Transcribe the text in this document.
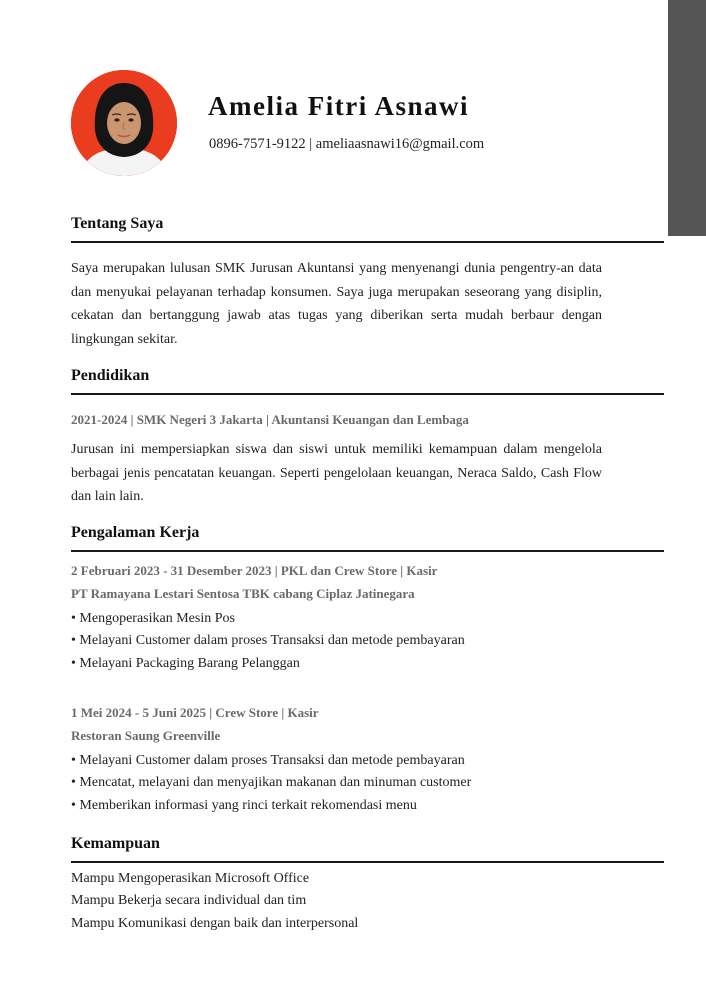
Amelia Fitri Asnawi
0896-7571-9122 | ameliaasnawi16@gmail.com
Tentang Saya

Saya merupakan lulusan SMK Jurusan Akuntansi yang menyenangi dunia pengentry-an data dan menyukai pelayanan terhadap konsumen. Saya juga merupakan seseorang yang disiplin, cekatan dan bertanggung jawab atas tugas yang diberikan serta mudah berbaur dengan lingkungan sekitar.

Pendidikan
2021-2024 | SMK Negeri 3 Jakarta | Akuntansi Keuangan dan Lembaga

Jurusan ini mempersiapkan siswa dan siswi untuk memiliki kemampuan dalam mengelola berbagai jenis pencatatan keuangan. Seperti pengelolaan keuangan, Neraca Saldo, Cash Flow dan lain lain.

Pengalaman Kerja
2 Februari 2023 - 31 Desember 2023 | PKL dan Crew Store | Kasir
PT Ramayana Lestari Sentosa TBK cabang Ciplaz Jatinegara
• Mengoperasikan Mesin Pos
• Melayani Customer dalam proses Transaksi dan metode pembayaran
• Melayani Packaging Barang Pelanggan
1 Mei 2024 - 5 Juni 2025 | Crew Store | Kasir
Restoran Saung Greenville
• Melayani Customer dalam proses Transaksi dan metode pembayaran
• Mencatat, melayani dan menyajikan makanan dan minuman customer
• Memberikan informasi yang rinci terkait rekomendasi menu
Kemampuan
Mampu Mengoperasikan Microsoft Office
Mampu Bekerja secara individual dan tim
Mampu Komunikasi dengan baik dan interpersonal
